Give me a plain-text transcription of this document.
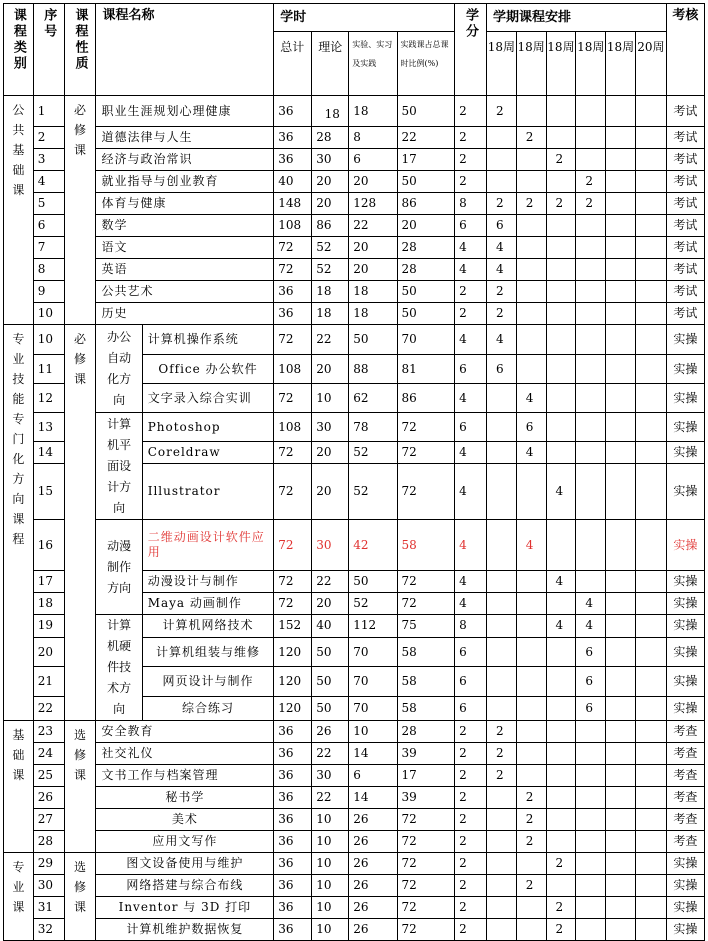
课程类别	序号	课程性质	课程名称		学时				学分	学期课程安排						考核
					总计	理论	实验、实习及实践	实践课占总课时比例(%)		18周	18周	18周	18周	18周	20周	
公共基础课	1	必修课	职业生涯规划心理健康		36	18	18	50	2	2						考试
	2		道德法律与人生		36	28	8	22	2		2					考试
	3		经济与政治常识		36	30	6	17	2			2				考试
	4		就业指导与创业教育		40	20	20	50	2				2			考试
	5		体育与健康		148	20	128	86	8	2	2	2	2			考试
	6		数学		108	86	22	20	6	6						考试
	7		语文		72	52	20	28	4	4						考试
	8		英语		72	52	20	28	4	4						考试
	9		公共艺术		36	18	18	50	2	2						考试
	10		历史		36	18	18	50	2	2						考试
专业技能专门化方向课程	10	必修课	办公自动化方向	计算机操作系统	72	22	50	70	4	4						实操
	11			Office 办公软件	108	20	88	81	6	6						实操
	12			文字录入综合实训	72	10	62	86	4		4					实操
	13		计算机平面设计方向	Photoshop	108	30	78	72	6		6					实操
	14			Coreldraw	72	20	52	72	4		4					实操
	15			Illustrator	72	20	52	72	4			4				实操
	16		动漫制作方向	二维动画设计软件应用	72	30	42	58	4		4					实操
	17			动漫设计与制作	72	22	50	72	4			4				实操
	18			Maya 动画制作	72	20	52	72	4				4			实操
	19		计算机硬件技术方向	计算机网络技术	152	40	112	75	8			4	4			实操
	20			计算机组装与维修	120	50	70	58	6				6			实操
	21			网页设计与制作	120	50	70	58	6				6			实操
	22			综合练习	120	50	70	58	6				6			实操
基础课	23	选修课	安全教育		36	26	10	28	2	2						考查
	24		社交礼仪		36	22	14	39	2	2						考查
	25		文书工作与档案管理		36	30	6	17	2	2						考查
	26		秘书学		36	22	14	39	2		2					考查
	27		美术		36	10	26	72	2		2					考查
	28		应用文写作		36	10	26	72	2		2					考查
专业课	29	选修课	图文设备使用与维护		36	10	26	72	2			2				实操
	30		网络搭建与综合布线		36	10	26	72	2		2					实操
	31		Inventor 与 3D 打印		36	10	26	72	2			2				实操
	32		计算机维护数据恢复		36	10	26	72	2			2				实操
